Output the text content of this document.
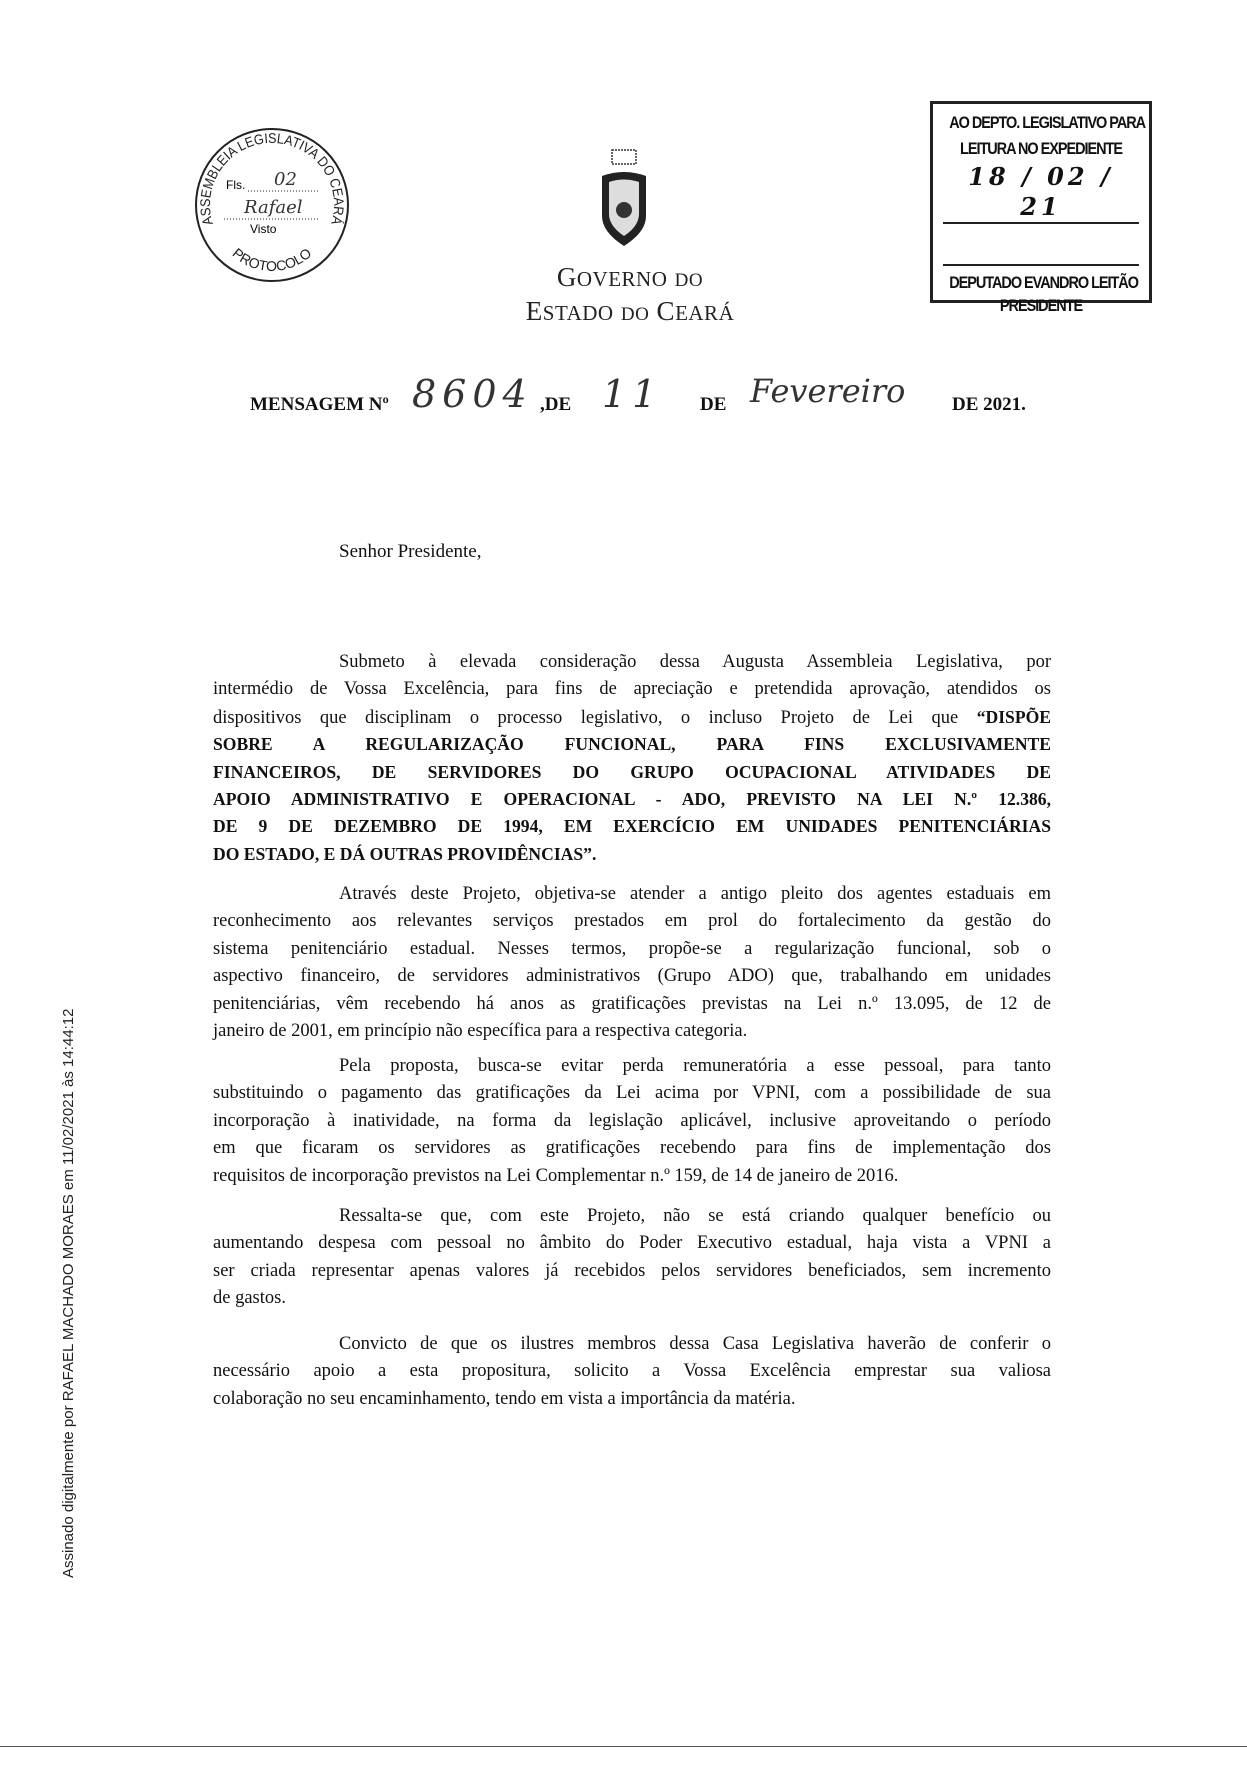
ASSEMBLEIA LEGISLATIVA DO CEARÁ
PROTOCOLO
Fls. 02
Rafael
Visto
GOVERNO DO
ESTADO DO CEARÁ
AO DEPTO. LEGISLATIVO PARA
LEITURA NO EXPEDIENTE
18 / 02 / 21
DEPUTADO EVANDRO LEITÃO
PRESIDENTE
MENSAGEM Nº 8604 ,DE 11 DE Fevereiro DE 2021.
Senhor Presidente,
Submeto à elevada consideração dessa Augusta Assembleia Legislativa, por
intermédio de Vossa Excelência, para fins de apreciação e pretendida aprovação, atendidos os
dispositivos que disciplinam o processo legislativo, o incluso Projeto de Lei que “DISPÕE
SOBRE A REGULARIZAÇÃO FUNCIONAL, PARA FINS EXCLUSIVAMENTE
FINANCEIROS, DE SERVIDORES DO GRUPO OCUPACIONAL ATIVIDADES DE
APOIO ADMINISTRATIVO E OPERACIONAL - ADO, PREVISTO NA LEI N.º 12.386,
DE 9 DE DEZEMBRO DE 1994, EM EXERCÍCIO EM UNIDADES PENITENCIÁRIAS
DO ESTADO, E DÁ OUTRAS PROVIDÊNCIAS”.
Através deste Projeto, objetiva-se atender a antigo pleito dos agentes estaduais em
reconhecimento aos relevantes serviços prestados em prol do fortalecimento da gestão do
sistema penitenciário estadual. Nesses termos, propõe-se a regularização funcional, sob o
aspectivo financeiro, de servidores administrativos (Grupo ADO) que, trabalhando em unidades
penitenciárias, vêm recebendo há anos as gratificações previstas na Lei n.º 13.095, de 12 de
janeiro de 2001, em princípio não específica para a respectiva categoria.
Pela proposta, busca-se evitar perda remuneratória a esse pessoal, para tanto
substituindo o pagamento das gratificações da Lei acima por VPNI, com a possibilidade de sua
incorporação à inatividade, na forma da legislação aplicável, inclusive aproveitando o período
em que ficaram os servidores as gratificações recebendo para fins de implementação dos
requisitos de incorporação previstos na Lei Complementar n.º 159, de 14 de janeiro de 2016.
Ressalta-se que, com este Projeto, não se está criando qualquer benefício ou
aumentando despesa com pessoal no âmbito do Poder Executivo estadual, haja vista a VPNI a
ser criada representar apenas valores já recebidos pelos servidores beneficiados, sem incremento
de gastos.
Convicto de que os ilustres membros dessa Casa Legislativa haverão de conferir o
necessário apoio a esta propositura, solicito a Vossa Excelência emprestar sua valiosa
colaboração no seu encaminhamento, tendo em vista a importância da matéria.
Assinado digitalmente por RAFAEL MACHADO MORAES em 11/02/2021 às 14:44:12
